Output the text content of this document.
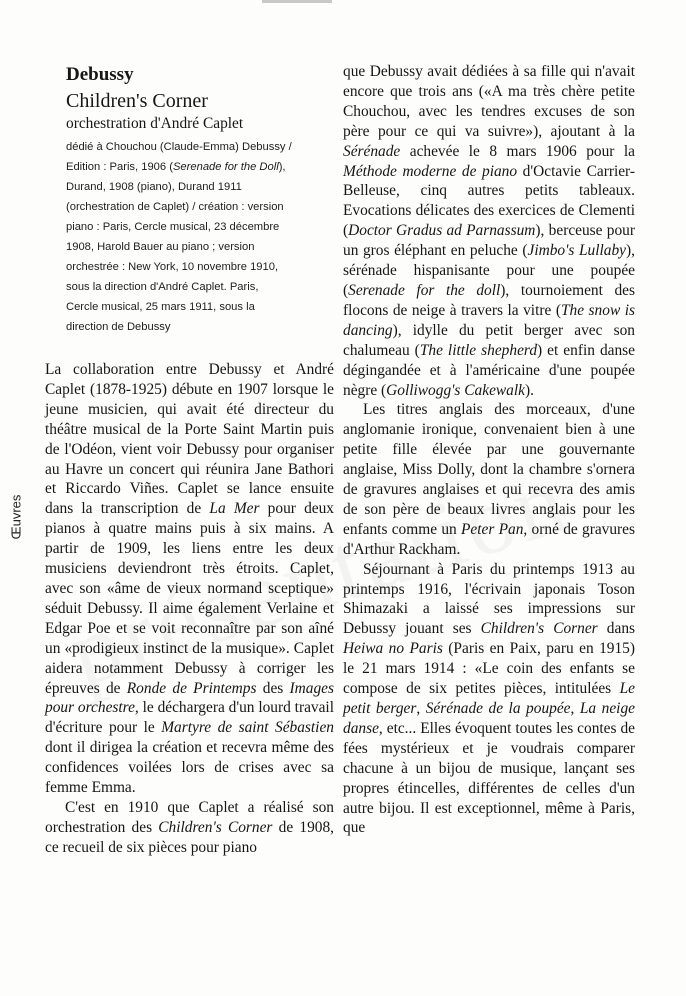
Œuvres
Debussy
Children's Corner
orchestration d'André Caplet
dédié à Chouchou (Claude-Emma) Debussy /
Edition : Paris, 1906 (Serenade for the Doll),
Durand, 1908 (piano), Durand 1911
(orchestration de Caplet) / création : version
piano : Paris, Cercle musical, 23 décembre
1908, Harold Bauer au piano ; version
orchestrée : New York, 10 novembre 1910,
sous la direction d'André Caplet. Paris,
Cercle musical, 25 mars 1911, sous la
direction de Debussy

La collaboration entre Debussy et André Caplet (1878-1925) débute en 1907 lorsque le jeune musicien, qui avait été directeur du théâtre musical de la Porte Saint Martin puis de l'Odéon, vient voir Debussy pour organiser au Havre un concert qui réunira Jane Bathori et Riccardo Viñes. Caplet se lance ensuite dans la transcription de La Mer pour deux pianos à quatre mains puis à six mains. A partir de 1909, les liens entre les deux musiciens deviendront très étroits. Caplet, avec son «âme de vieux normand sceptique» séduit Debussy. Il aime également Verlaine et Edgar Poe et se voit reconnaître par son aîné un «prodigieux instinct de la musique». Caplet aidera notamment Debussy à corriger les épreuves de Ronde de Printemps des Images pour orchestre, le déchargera d'un lourd travail d'écriture pour le Martyre de saint Sébastien dont il dirigea la création et recevra même des confidences voilées lors de crises avec sa femme Emma.

C'est en 1910 que Caplet a réalisé son orchestration des Children's Corner de 1908, ce recueil de six pièces pour piano

que Debussy avait dédiées à sa fille qui n'avait encore que trois ans («A ma très chère petite Chouchou, avec les tendres excuses de son père pour ce qui va suivre»), ajoutant à la Sérénade achevée le 8 mars 1906 pour la Méthode moderne de piano d'Octavie Carrier-Belleuse, cinq autres petits tableaux. Evocations délicates des exercices de Clementi (Doctor Gradus ad Parnassum), berceuse pour un gros éléphant en peluche (Jimbo's Lullaby), sérénade hispanisante pour une poupée (Serenade for the doll), tournoiement des flocons de neige à travers la vitre (The snow is dancing), idylle du petit berger avec son chalumeau (The little shepherd) et enfin danse dégingandée et à l'américaine d'une poupée nègre (Golliwogg's Cakewalk).

Les titres anglais des morceaux, d'une anglomanie ironique, convenaient bien à une petite fille élevée par une gouvernante anglaise, Miss Dolly, dont la chambre s'ornera de gravures anglaises et qui recevra des amis de son père de beaux livres anglais pour les enfants comme un Peter Pan, orné de gravures d'Arthur Rackham.

Séjournant à Paris du printemps 1913 au printemps 1916, l'écrivain japonais Toson Shimazaki a laissé ses impressions sur Debussy jouant ses Children's Corner dans Heiwa no Paris (Paris en Paix, paru en 1915) le 21 mars 1914 : «Le coin des enfants se compose de six petites pièces, intitulées Le petit berger, Sérénade de la poupée, La neige danse, etc... Elles évoquent toutes les contes de fées mystérieux et je voudrais comparer chacune à un bijou de musique, lançant ses propres étincelles, différentes de celles d'un autre bijou. Il est exceptionnel, même à Paris, que
